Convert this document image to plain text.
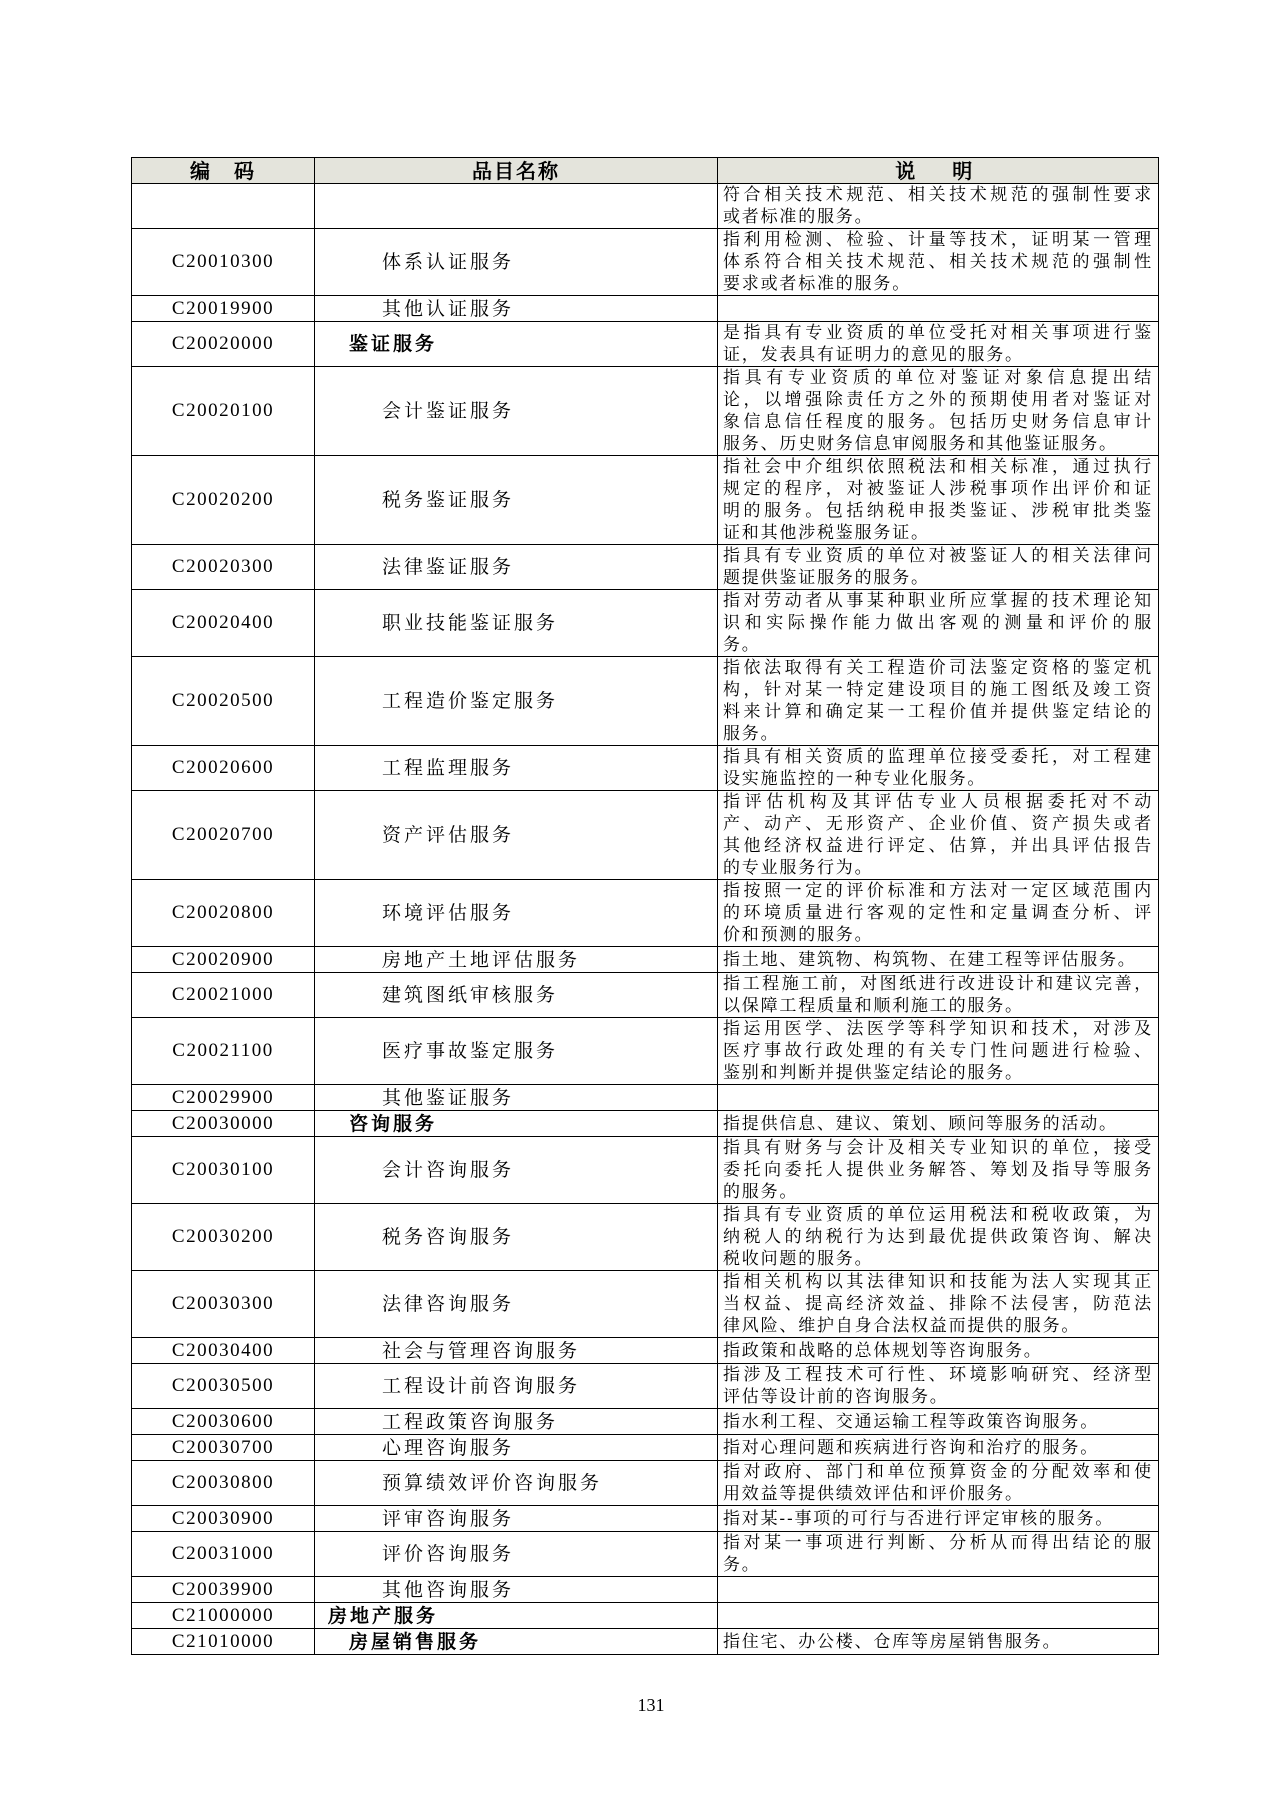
编　码	品目名称	说　明

		符合相关技术规范、相关技术规范的强制性要求
或者标准的服务。

C20010300	体系认证服务	指利用检测、检验、计量等技术，证明某一管理
体系符合相关技术规范、相关技术规范的强制性
要求或者标准的服务。

C20019900	其他认证服务	
C20020000	鉴证服务	是指具有专业资质的单位受托对相关事项进行鉴
证，发表具有证明力的意见的服务。

C20020100	会计鉴证服务	指具有专业资质的单位对鉴证对象信息提出结
论，以增强除责任方之外的预期使用者对鉴证对
象信息信任程度的服务。包括历史财务信息审计
服务、历史财务信息审阅服务和其他鉴证服务。

C20020200	税务鉴证服务	指社会中介组织依照税法和相关标准，通过执行
规定的程序，对被鉴证人涉税事项作出评价和证
明的服务。包括纳税申报类鉴证、涉税审批类鉴
证和其他涉税鉴服务证。

C20020300	法律鉴证服务	指具有专业资质的单位对被鉴证人的相关法律问
题提供鉴证服务的服务。

C20020400	职业技能鉴证服务	指对劳动者从事某种职业所应掌握的技术理论知
识和实际操作能力做出客观的测量和评价的服
务。

C20020500	工程造价鉴定服务	指依法取得有关工程造价司法鉴定资格的鉴定机
构，针对某一特定建设项目的施工图纸及竣工资
料来计算和确定某一工程价值并提供鉴定结论的
服务。

C20020600	工程监理服务	指具有相关资质的监理单位接受委托，对工程建
设实施监控的一种专业化服务。

C20020700	资产评估服务	指评估机构及其评估专业人员根据委托对不动
产、动产、无形资产、企业价值、资产损失或者
其他经济权益进行评定、估算，并出具评估报告
的专业服务行为。

C20020800	环境评估服务	指按照一定的评价标准和方法对一定区域范围内
的环境质量进行客观的定性和定量调查分析、评
价和预测的服务。

C20020900	房地产土地评估服务	指土地、建筑物、构筑物、在建工程等评估服务。

C20021000	建筑图纸审核服务	指工程施工前，对图纸进行改进设计和建议完善，
以保障工程质量和顺利施工的服务。

C20021100	医疗事故鉴定服务	指运用医学、法医学等科学知识和技术，对涉及
医疗事故行政处理的有关专门性问题进行检验、
鉴别和判断并提供鉴定结论的服务。

C20029900	其他鉴证服务	
C20030000	咨询服务	指提供信息、建议、策划、顾问等服务的活动。

C20030100	会计咨询服务	指具有财务与会计及相关专业知识的单位，接受
委托向委托人提供业务解答、筹划及指导等服务
的服务。

C20030200	税务咨询服务	指具有专业资质的单位运用税法和税收政策，为
纳税人的纳税行为达到最优提供政策咨询、解决
税收问题的服务。

C20030300	法律咨询服务	指相关机构以其法律知识和技能为法人实现其正
当权益、提高经济效益、排除不法侵害，防范法
律风险、维护自身合法权益而提供的服务。

C20030400	社会与管理咨询服务	指政策和战略的总体规划等咨询服务。

C20030500	工程设计前咨询服务	指涉及工程技术可行性、环境影响研究、经济型
评估等设计前的咨询服务。

C20030600	工程政策咨询服务	指水利工程、交通运输工程等政策咨询服务。

C20030700	心理咨询服务	指对心理问题和疾病进行咨询和治疗的服务。

C20030800	预算绩效评价咨询服务	指对政府、部门和单位预算资金的分配效率和使
用效益等提供绩效评估和评价服务。

C20030900	评审咨询服务	指对某--事项的可行与否进行评定审核的服务。

C20031000	评价咨询服务	指对某一事项进行判断、分析从而得出结论的服
务。

C20039900	其他咨询服务	
C21000000	房地产服务	
C21010000	房屋销售服务	指住宅、办公楼、仓库等房屋销售服务。
131
